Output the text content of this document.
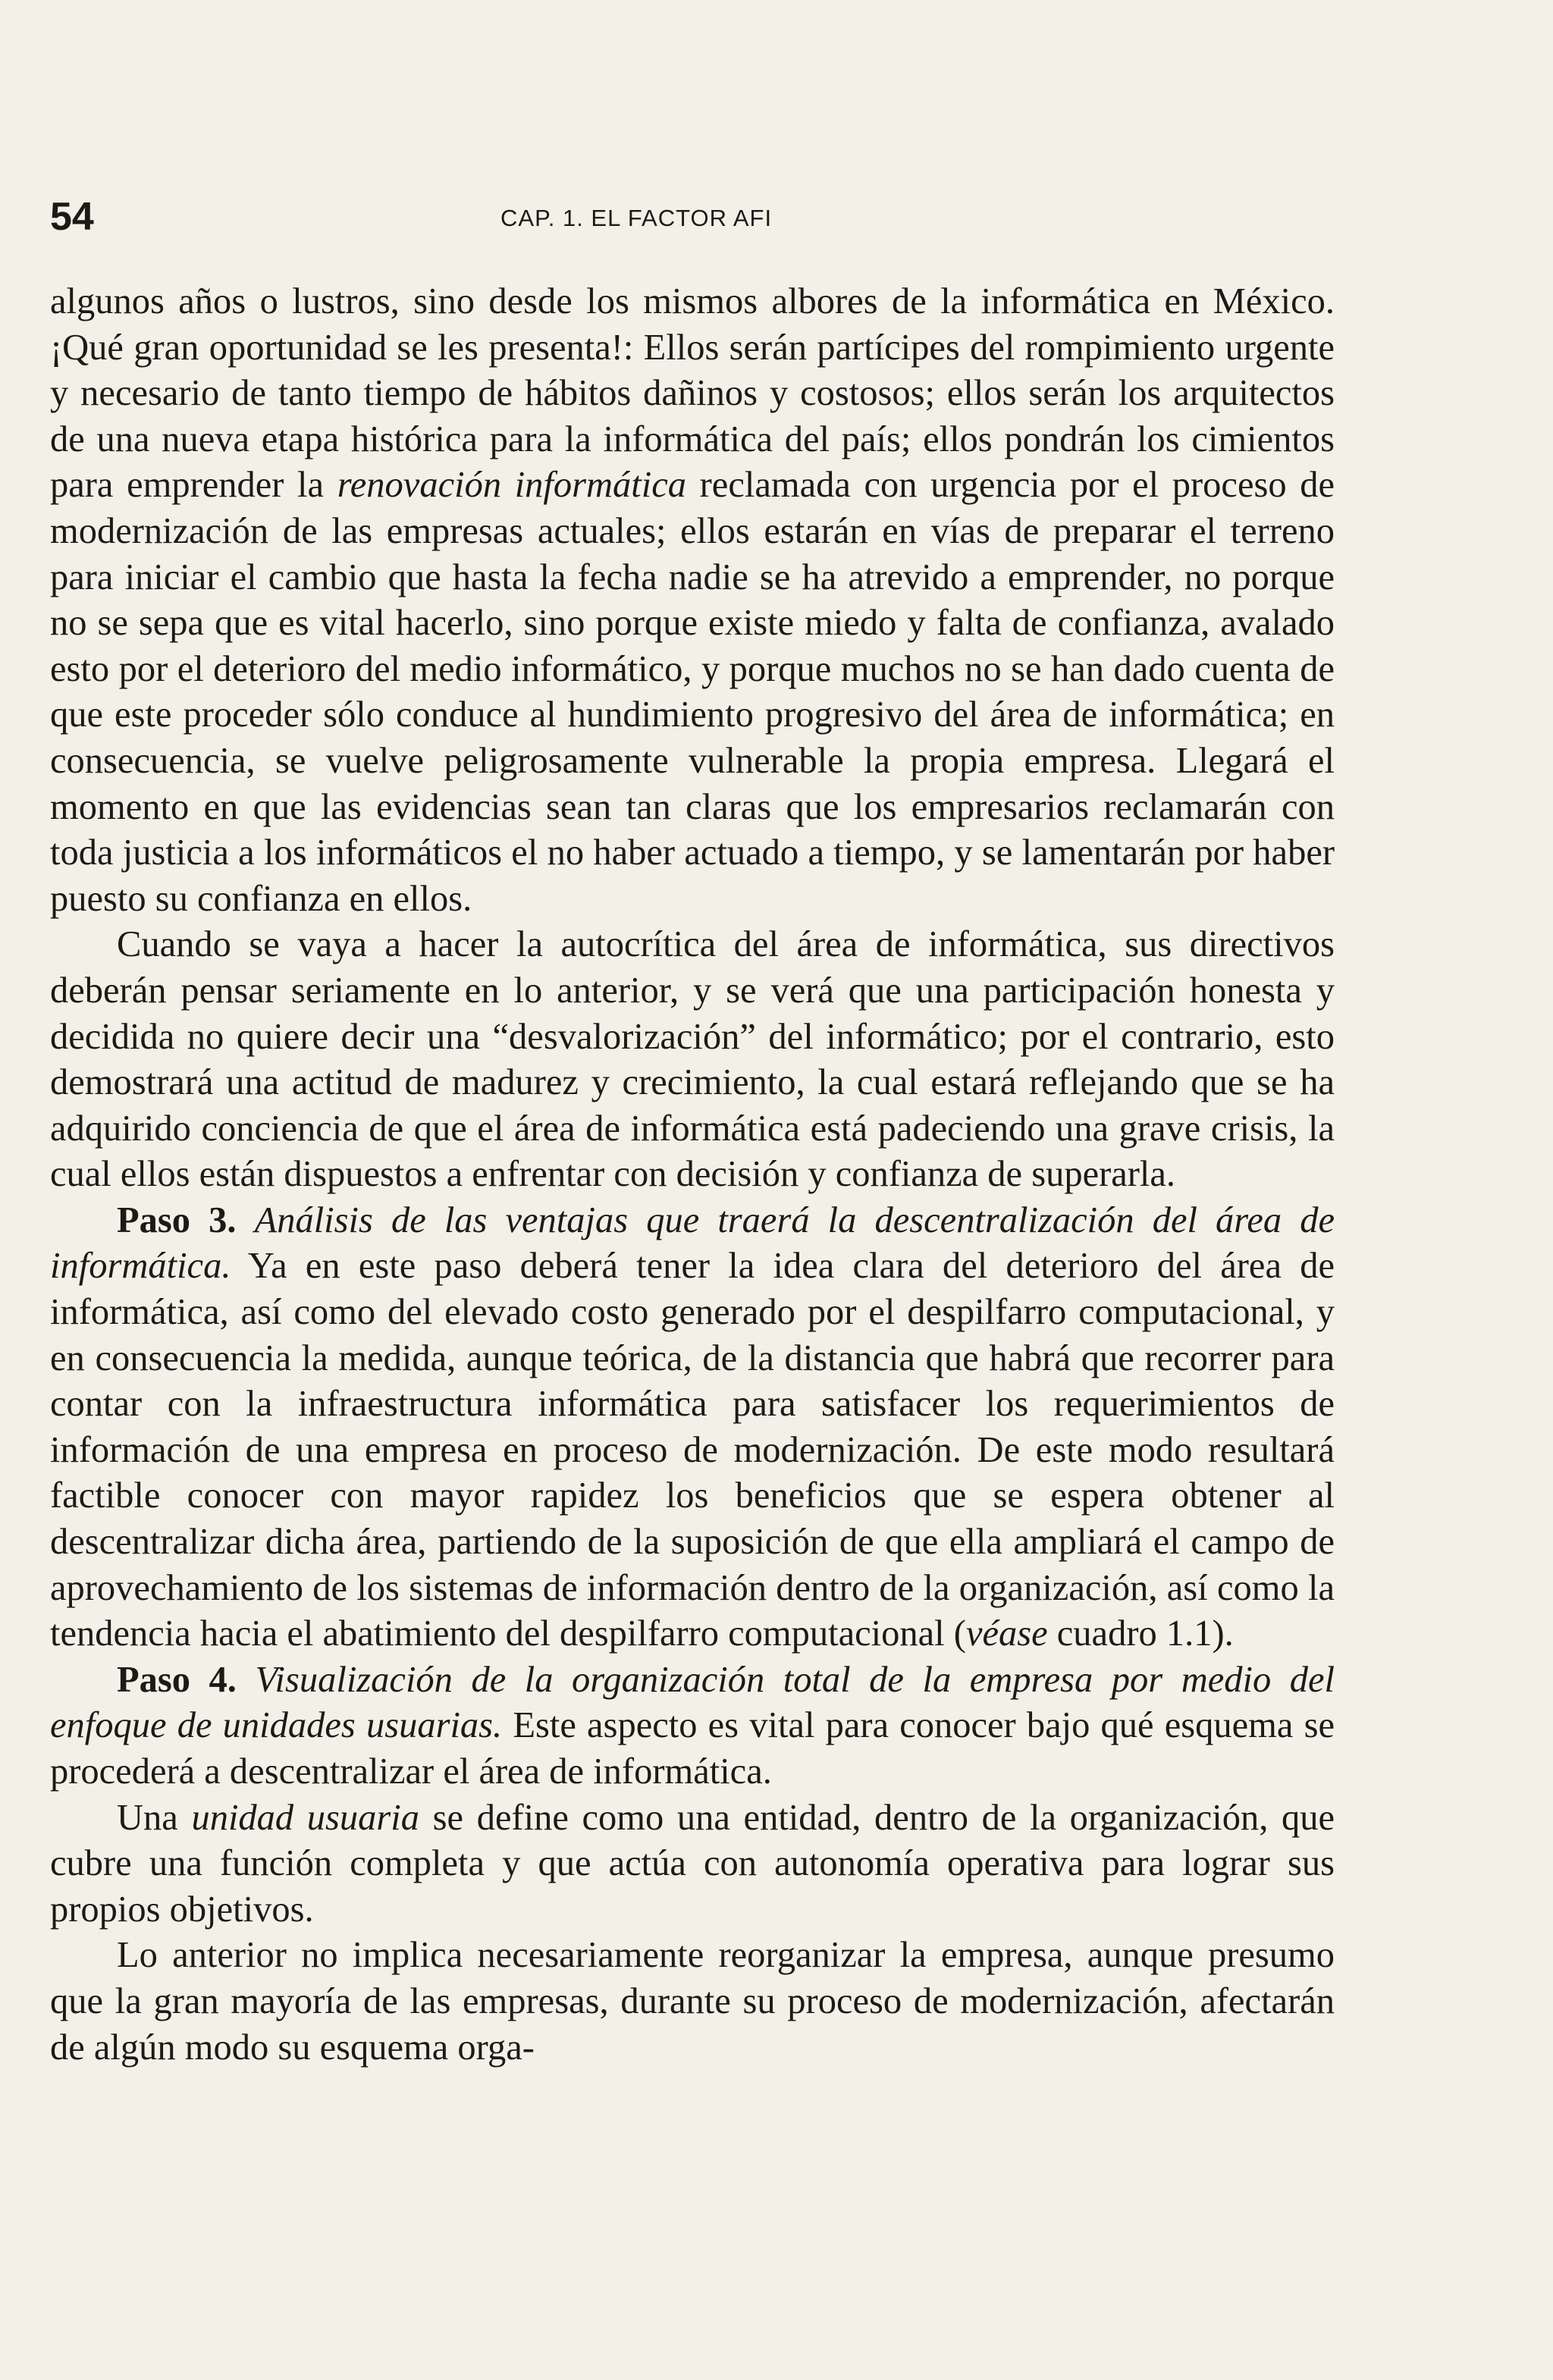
54	CAP. 1. EL FACTOR AFI

algunos años o lustros, sino desde los mismos albores de la informática en México. ¡Qué gran oportunidad se les presenta!: Ellos serán partícipes del rompimiento urgente y necesario de tanto tiempo de hábitos dañinos y costosos; ellos serán los arquitectos de una nueva etapa histórica para la informática del país; ellos pondrán los cimientos para emprender la renovación informática reclamada con urgencia por el proceso de modernización de las empresas actuales; ellos estarán en vías de preparar el terreno para iniciar el cambio que hasta la fecha nadie se ha atrevido a emprender, no porque no se sepa que es vital hacerlo, sino porque existe miedo y falta de confianza, avalado esto por el deterioro del medio informático, y porque muchos no se han dado cuenta de que este proceder sólo conduce al hundimiento progresivo del área de informática; en consecuencia, se vuelve peligrosamente vulnerable la propia empresa. Llegará el momento en que las evidencias sean tan claras que los empresarios reclamarán con toda justicia a los informáticos el no haber actuado a tiempo, y se lamentarán por haber puesto su confianza en ellos.

Cuando se vaya a hacer la autocrítica del área de informática, sus directivos deberán pensar seriamente en lo anterior, y se verá que una participación honesta y decidida no quiere decir una “desvalorización” del informático; por el contrario, esto demostrará una actitud de madurez y crecimiento, la cual estará reflejando que se ha adquirido conciencia de que el área de informática está padeciendo una grave crisis, la cual ellos están dispuestos a enfrentar con decisión y confianza de superarla.

Paso 3. Análisis de las ventajas que traerá la descentralización del área de informática. Ya en este paso deberá tener la idea clara del deterioro del área de informática, así como del elevado costo generado por el despilfarro computacional, y en consecuencia la medida, aunque teórica, de la distancia que habrá que recorrer para contar con la infraestructura informática para satisfacer los requerimientos de información de una empresa en proceso de modernización. De este modo resultará factible conocer con mayor rapidez los beneficios que se espera obtener al descentralizar dicha área, partiendo de la suposición de que ella ampliará el campo de aprovechamiento de los sistemas de información dentro de la organización, así como la tendencia hacia el abatimiento del despilfarro computacional (véase cuadro 1.1).

Paso 4. Visualización de la organización total de la empresa por medio del enfoque de unidades usuarias. Este aspecto es vital para conocer bajo qué esquema se procederá a descentralizar el área de informática.

Una unidad usuaria se define como una entidad, dentro de la organización, que cubre una función completa y que actúa con autonomía operativa para lograr sus propios objetivos.

Lo anterior no implica necesariamente reorganizar la empresa, aunque presumo que la gran mayoría de las empresas, durante su proceso de modernización, afectarán de algún modo su esquema orga-
